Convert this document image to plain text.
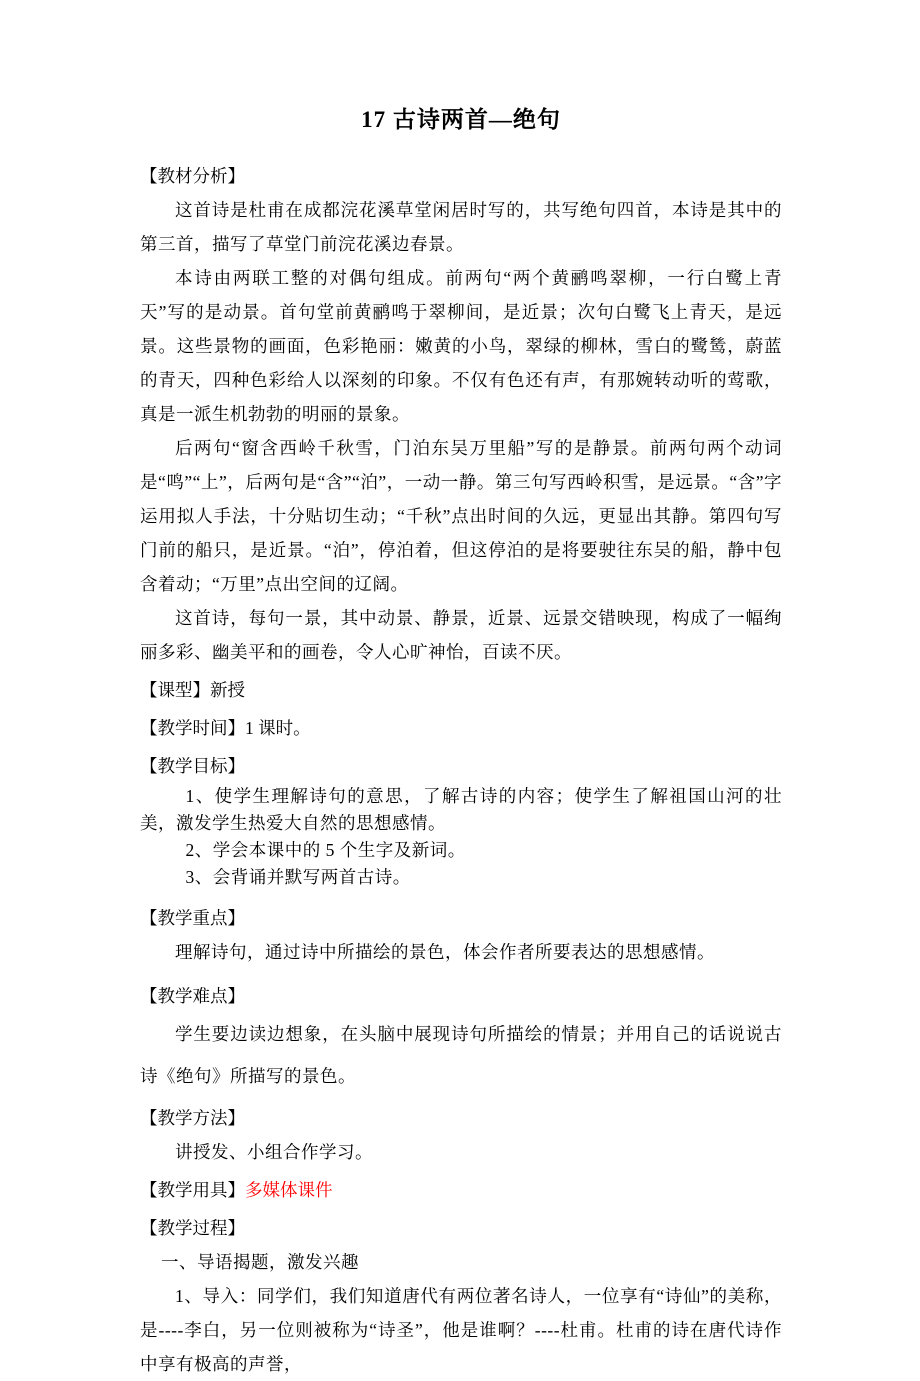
17 古诗两首—绝句

【教材分析】

这首诗是杜甫在成都浣花溪草堂闲居时写的，共写绝句四首，本诗是其中的第三首，描写了草堂门前浣花溪边春景。

本诗由两联工整的对偶句组成。前两句“两个黄鹂鸣翠柳，一行白鹭上青天”写的是动景。首句堂前黄鹂鸣于翠柳间，是近景；次句白鹭飞上青天，是远景。这些景物的画面，色彩艳丽：嫩黄的小鸟，翠绿的柳林，雪白的鹭鸶，蔚蓝的青天，四种色彩给人以深刻的印象。不仅有色还有声，有那婉转动听的莺歌，真是一派生机勃勃的明丽的景象。

后两句“窗含西岭千秋雪，门泊东吴万里船”写的是静景。前两句两个动词是“鸣”“上”，后两句是“含”“泊”，一动一静。第三句写西岭积雪，是远景。“含”字运用拟人手法，十分贴切生动；“千秋”点出时间的久远，更显出其静。第四句写门前的船只，是近景。“泊”，停泊着，但这停泊的是将要驶往东吴的船，静中包含着动；“万里”点出空间的辽阔。

这首诗，每句一景，其中动景、静景，近景、远景交错映现，构成了一幅绚丽多彩、幽美平和的画卷，令人心旷神怡，百读不厌。

【课型】新授

【教学时间】1 课时。

【教学目标】

1、使学生理解诗句的意思，了解古诗的内容；使学生了解祖国山河的壮美，激发学生热爱大自然的思想感情。

2、学会本课中的 5 个生字及新词。

3、会背诵并默写两首古诗。

【教学重点】

理解诗句，通过诗中所描绘的景色，体会作者所要表达的思想感情。

【教学难点】

学生要边读边想象，在头脑中展现诗句所描绘的情景；并用自己的话说说古诗《绝句》所描写的景色。

【教学方法】

讲授发、小组合作学习。

【教学用具】多媒体课件

【教学过程】

一、导语揭题，激发兴趣

1、导入：同学们，我们知道唐代有两位著名诗人，一位享有“诗仙”的美称，是----李白，另一位则被称为“诗圣”，他是谁啊？----杜甫。杜甫的诗在唐代诗作中享有极高的声誉，
